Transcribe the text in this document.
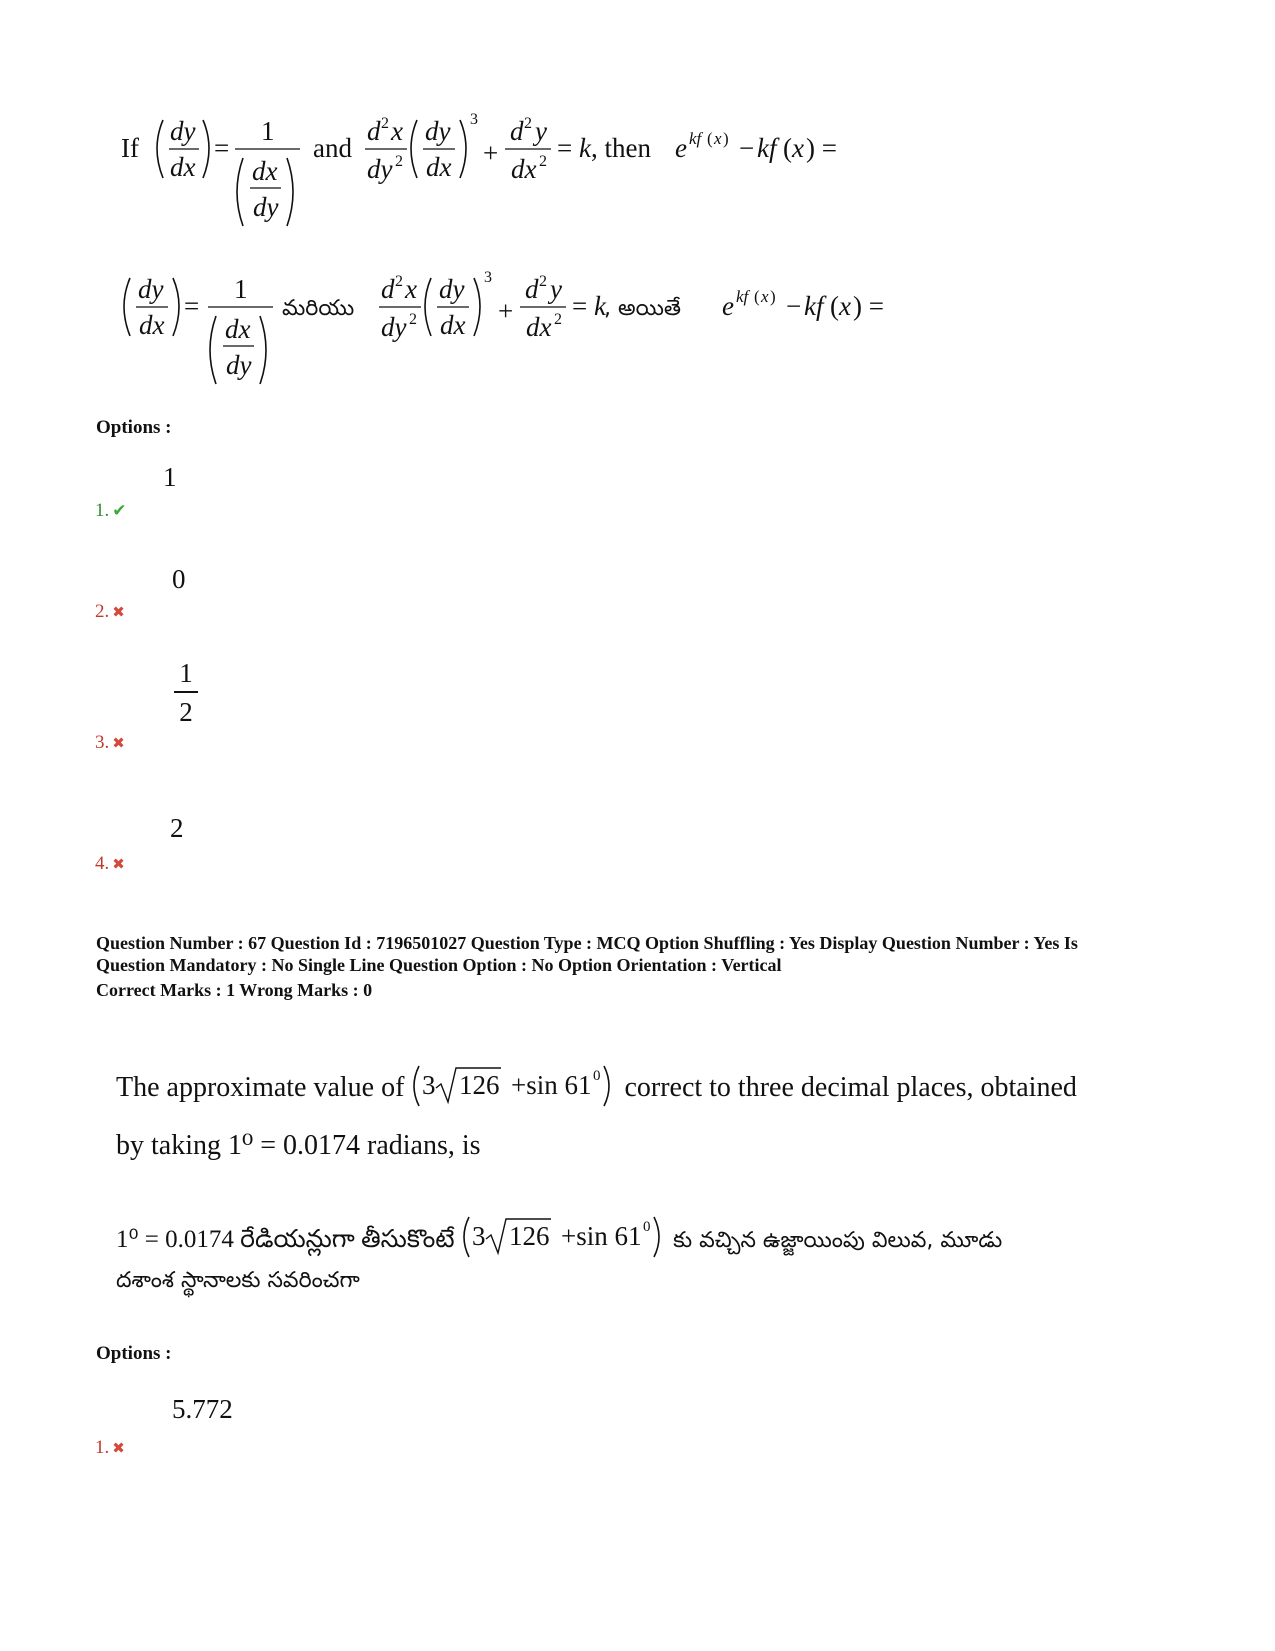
If
dy
dx
=
1
dx
dy
and
d 2 x
dy 2
dy
dx
3
+
d 2 y
dx 2 = k , then e kf ( x ) − kf ( x ) =
dy
dx
=
1
dx
dy
మరియు
d 2 x
dy 2
dy
dx
3
+
d 2 y
dx 2 = k
, అయితే e kf ( x ) − kf ( x ) =
Options :
1
1. ✔
0
2. ✖
1
2
3. ✖
2
4. ✖
Question Number : 67 Question Id : 7196501027 Question Type : MCQ Option Shuffling : Yes Display Question Number : Yes Is
Question Mandatory : No Single Line Question Option : No Option Orientation : Vertical
Correct Marks : 1 Wrong Marks : 0
The approximate value of 3 126 +sin 61 0 correct to three decimal places, obtained
by taking 1⁰ = 0.0174 radians, is
1⁰ = 0.0174 రేడియన్లుగా తీసుకొంటే 3 126 +sin 61 0
కు వచ్చిన ఉజ్జాయింపు విలువ, మూడు
దశాంశ స్థానాలకు సవరించగా
Options :
5.772
1. ✖
